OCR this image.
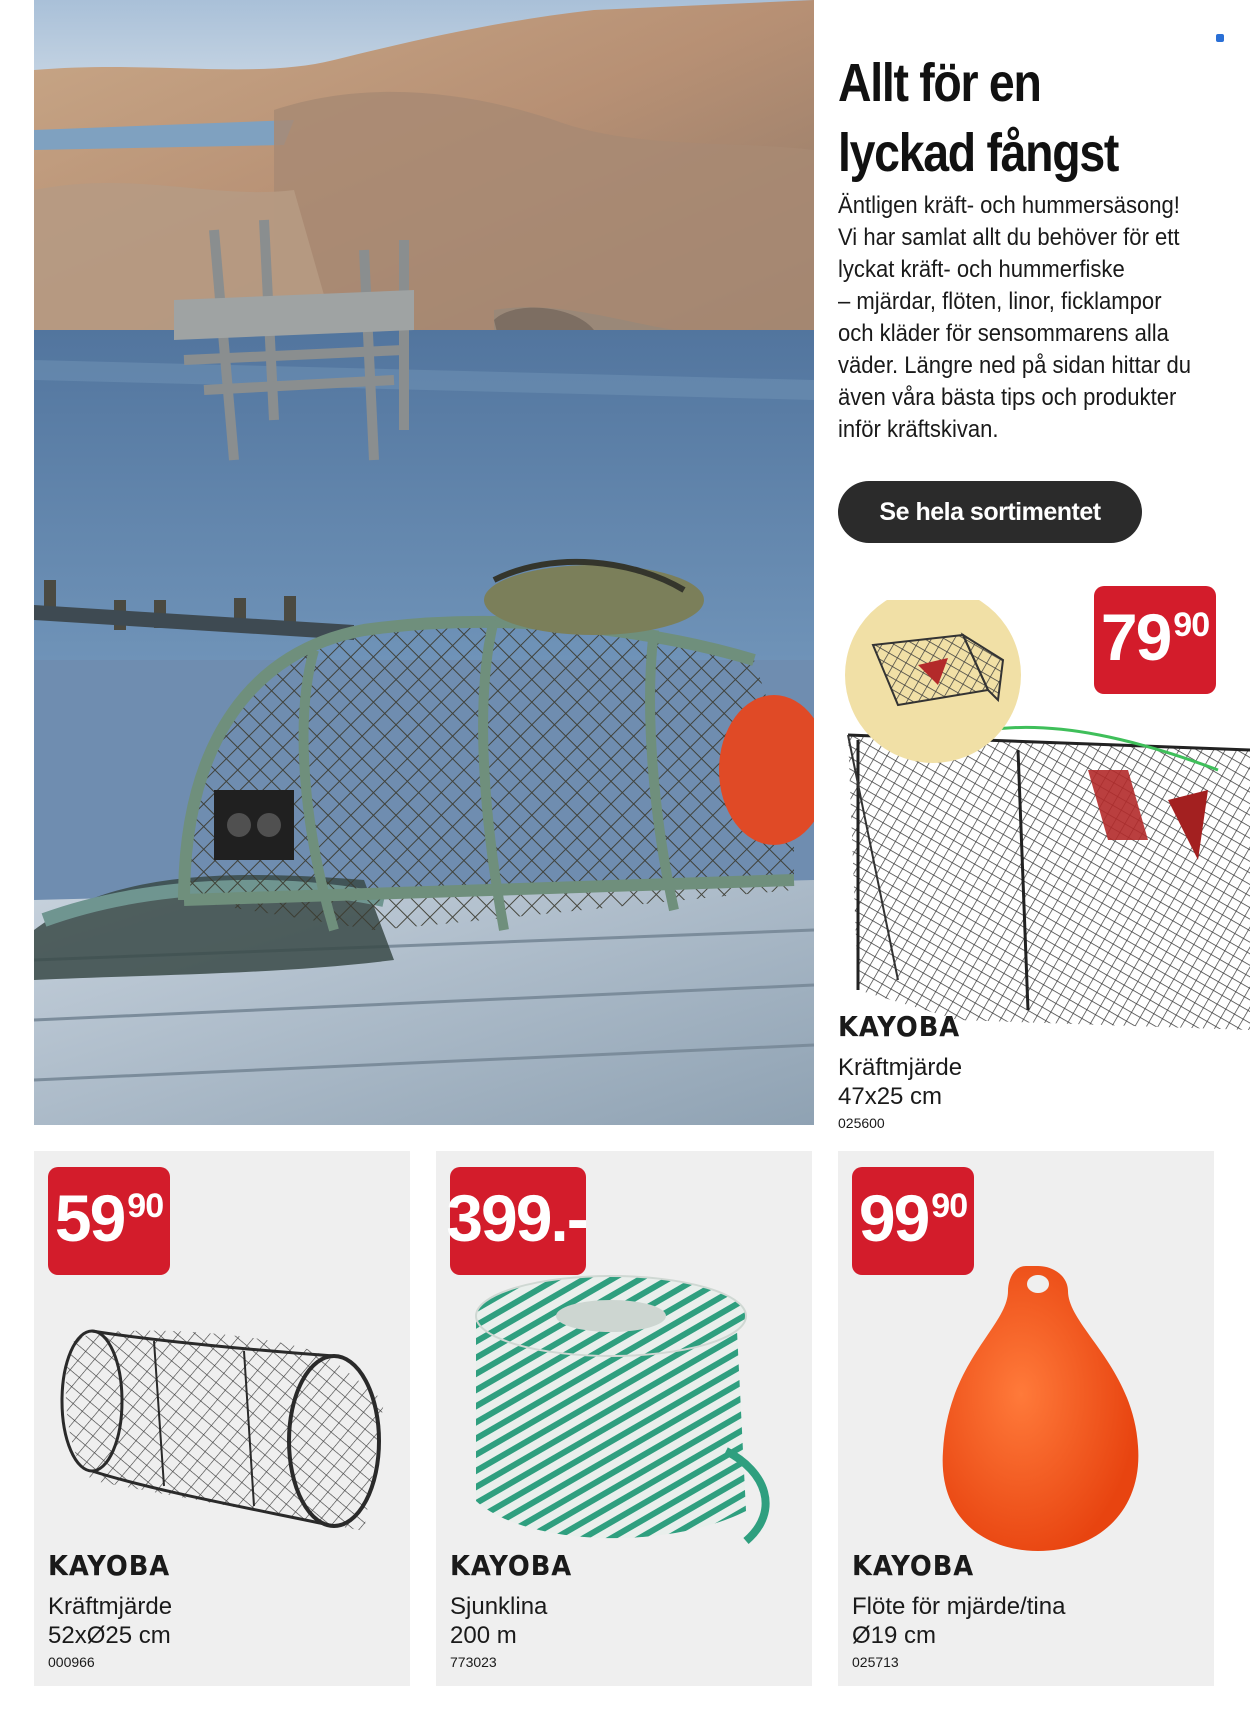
Allt för en
lyckad fångst
Äntligen kräft- och hummersäsong!
Vi har samlat allt du behöver för ett
lyckat kräft- och hummerfiske
– mjärdar, flöten, linor, ficklampor
och kläder för sensommarens alla
väder. Längre ned på sidan hittar du
även våra bästa tips och produkter
inför kräftskivan.
Se hela sortimentet
79 90
KAYOBA
Kräftmjärde
47x25 cm
025600
59 90
KAYOBA
Kräftmjärde
52xØ25 cm
000966
399.-
KAYOBA
Sjunklina
200 m
773023
99 90
KAYOBA
Flöte för mjärde/tina
Ø19 cm
025713
